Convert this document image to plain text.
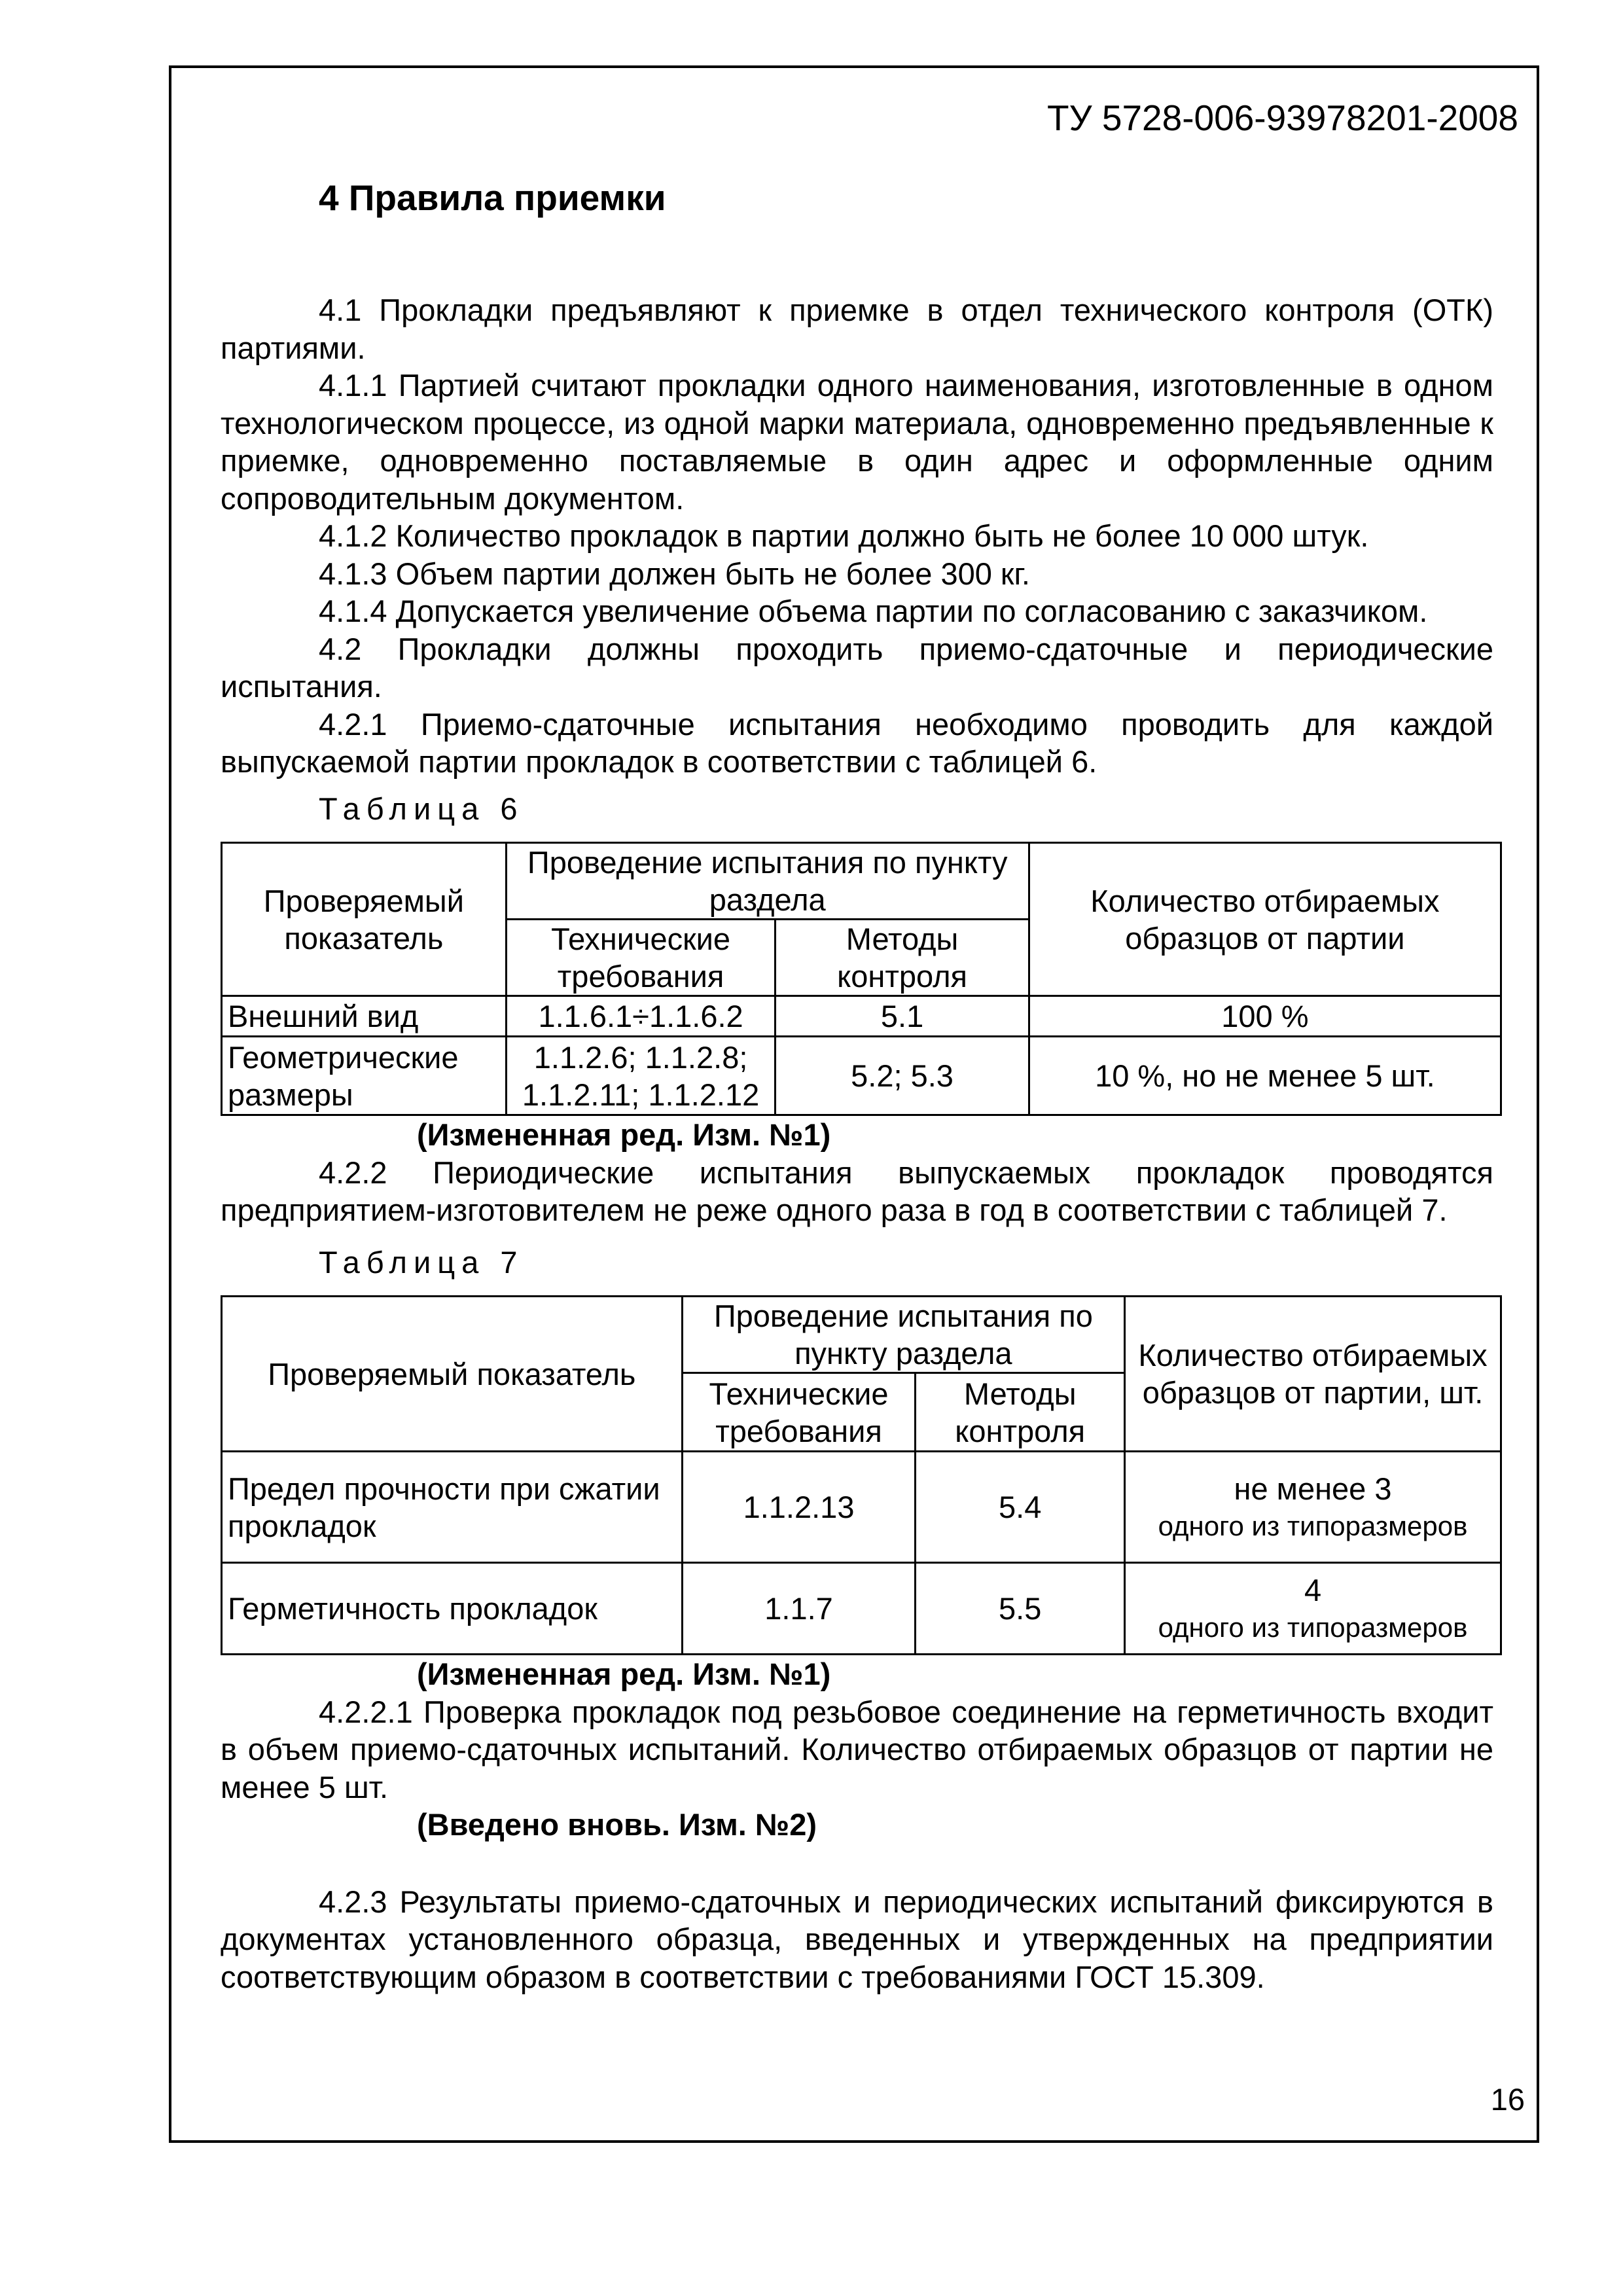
ТУ 5728-006-93978201-2008
4 Правила приемки

4.1 Прокладки предъявляют к приемке в отдел технического контроля (ОТК) партиями.

4.1.1 Партией считают прокладки одного наименования, изготовленные в одном технологическом процессе, из одной марки материала, одновременно предъявленные к приемке, одновременно поставляемые в один адрес и оформленные одним сопроводительным документом.

4.1.2 Количество прокладок в партии должно быть не более 10 000 штук.

4.1.3 Объем партии должен быть не более 300 кг.

4.1.4 Допускается увеличение объема партии по согласованию с заказчиком.

4.2 Прокладки должны проходить приемо-сдаточные и периодические испытания.

4.2.1 Приемо-сдаточные испытания необходимо проводить для каждой выпускаемой партии прокладок в соответствии с таблицей 6.

Таблица 6

Проверяемый показатель	Проведение испытания по пункту раздела		Количество отбираемых образцов от партии
	Технические требования	Методы контроля	
Внешний вид	1.1.6.1÷1.1.6.2	5.1	100 %
Геометрические размеры	1.1.2.6; 1.1.2.8; 1.1.2.11; 1.1.2.12	5.2; 5.3	10 %, но не менее 5 шт.

(Измененная ред. Изм. №1)

4.2.2 Периодические испытания выпускаемых прокладок проводятся предприятием-изготовителем не реже одного раза в год в соответствии с таблицей 7.

Таблица 7

Проверяемый показатель	Проведение испытания по пункту раздела		Количество отбираемых образцов от партии, шт.
	Технические требования	Методы контроля	
Предел прочности при сжатии прокладок	1.1.2.13	5.4	не менее 3
одного из типоразмеров

Герметичность прокладок	1.1.7	5.5	4
одного из типоразмеров

(Измененная ред. Изм. №1)

4.2.2.1 Проверка прокладок под резьбовое соединение на герметичность входит в объем приемо-сдаточных испытаний. Количество отбираемых образцов от партии не менее 5 шт.

(Введено вновь. Изм. №2)

4.2.3 Результаты приемо-сдаточных и периодических испытаний фиксируются в документах установленного образца, введенных и утвержденных на предприятии соответствующим образом в соответствии с требованиями ГОСТ 15.309.

16
